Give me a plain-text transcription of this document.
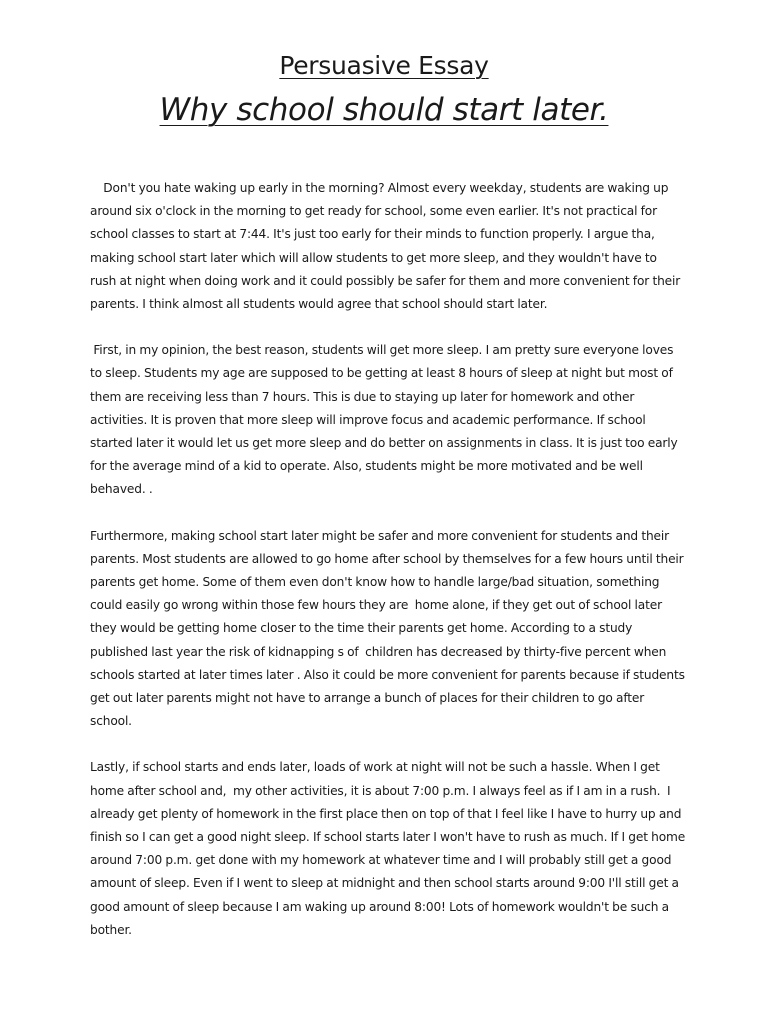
Persuasive Essay
Why school should start later.

Don't you hate waking up early in the morning? Almost every weekday, students are waking up around six o'clock in the morning to get ready for school, some even earlier. It's not practical for school classes to start at 7:44. It's just too early for their minds to function properly. I argue tha, making school start later which will allow students to get more sleep, and they wouldn't have to rush at night when doing work and it could possibly be safer for them and more convenient for their  parents. I think almost all students would agree that school should start later.

First, in my opinion, the best reason, students will get more sleep. I am pretty sure everyone loves to sleep. Students my age are supposed to be getting at least 8 hours of sleep at night but most of them are receiving less than 7 hours. This is due to staying up later for homework and other activities. It is proven that more sleep will improve focus and academic performance. If school started later it would let us get more sleep and do better on assignments in class. It is just too early for the average mind of a kid to operate. Also, students might be more motivated and be well behaved. .

Furthermore, making school start later might be safer and more convenient for students and their parents. Most students are allowed to go home after school by themselves for a few hours until their parents get home. Some of them even don't know how to handle large/bad situation, something could easily go wrong within those few hours they are  home alone, if they get out of school later they would be getting home closer to the time their parents get home. According to a study published last year the risk of kidnapping s of  children has decreased by thirty-five percent when schools started at later times later . Also it could be more convenient for parents because if students get out later parents might not have to arrange a bunch of places for their children to go after school.

Lastly, if school starts and ends later, loads of work at night will not be such a hassle. When I get home after school and,  my other activities, it is about 7:00 p.m. I always feel as if I am in a rush.  I already get plenty of homework in the first place then on top of that I feel like I have to hurry up and finish so I can get a good night sleep. If school starts later I won't have to rush as much. If I get home around 7:00 p.m. get done with my homework at whatever time and I will probably still get a good amount of sleep. Even if I went to sleep at midnight and then school starts around 9:00 I'll still get a good amount of sleep because I am waking up around 8:00! Lots of homework wouldn't be such a bother.
